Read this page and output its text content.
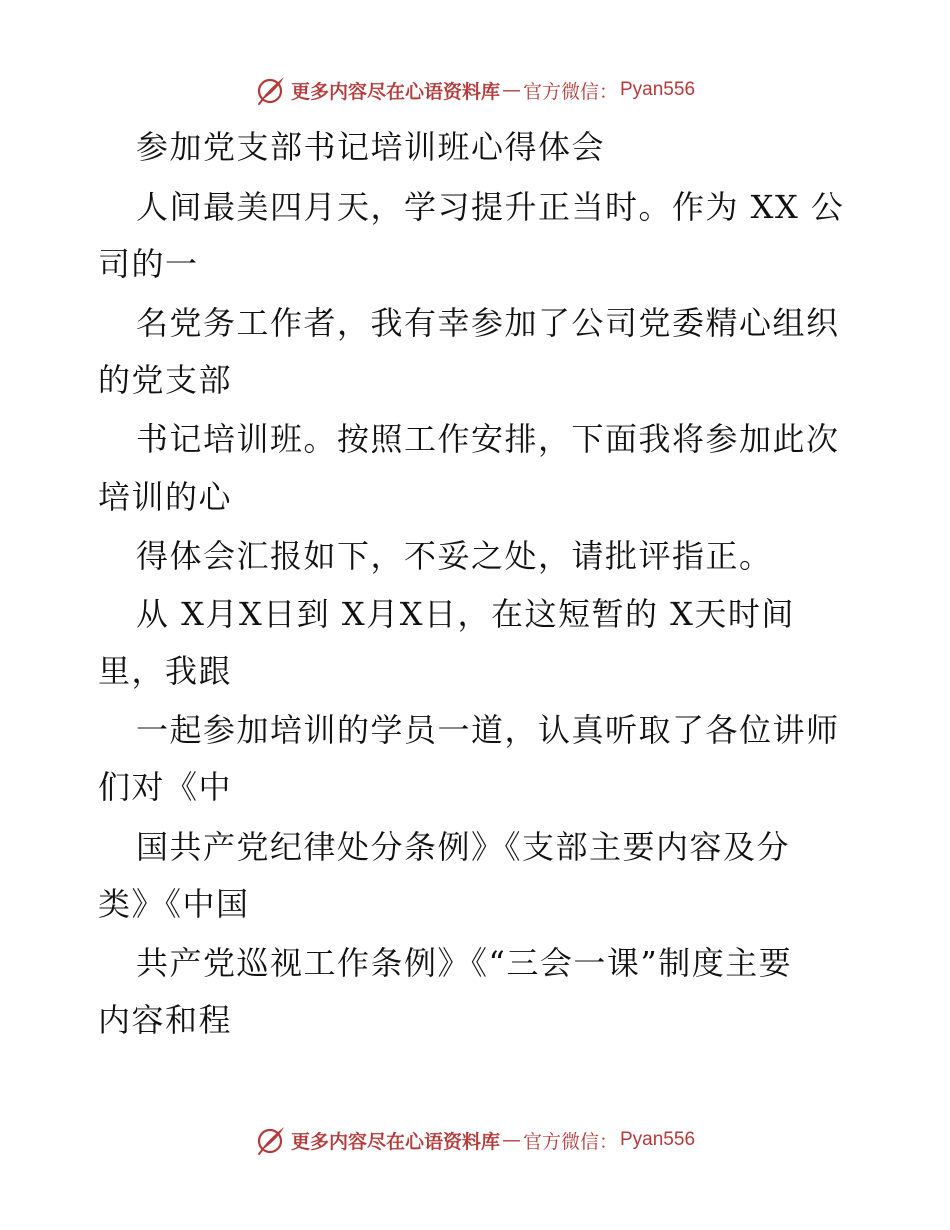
更多内容尽在心语资料库 — 官方微信： Pyan556
参加党支部书记培训班心得体会
人间最美四月天，学习提升正当时。作为 XX 公
司的一
名党务工作者，我有幸参加了公司党委精心组织
的党支部
书记培训班。按照工作安排，下面我将参加此次
培训的心
得体会汇报如下，不妥之处，请批评指正。
从 X月X日到 X月X日，在这短暂的 X天时间
里，我跟
一起参加培训的学员一道，认真听取了各位讲师
们对《中
国共产党纪律处分条例》《支部主要内容及分
类》《中国
共产党巡视工作条例》《“三会一课”制度主要
内容和程
更多内容尽在心语资料库 — 官方微信： Pyan556
